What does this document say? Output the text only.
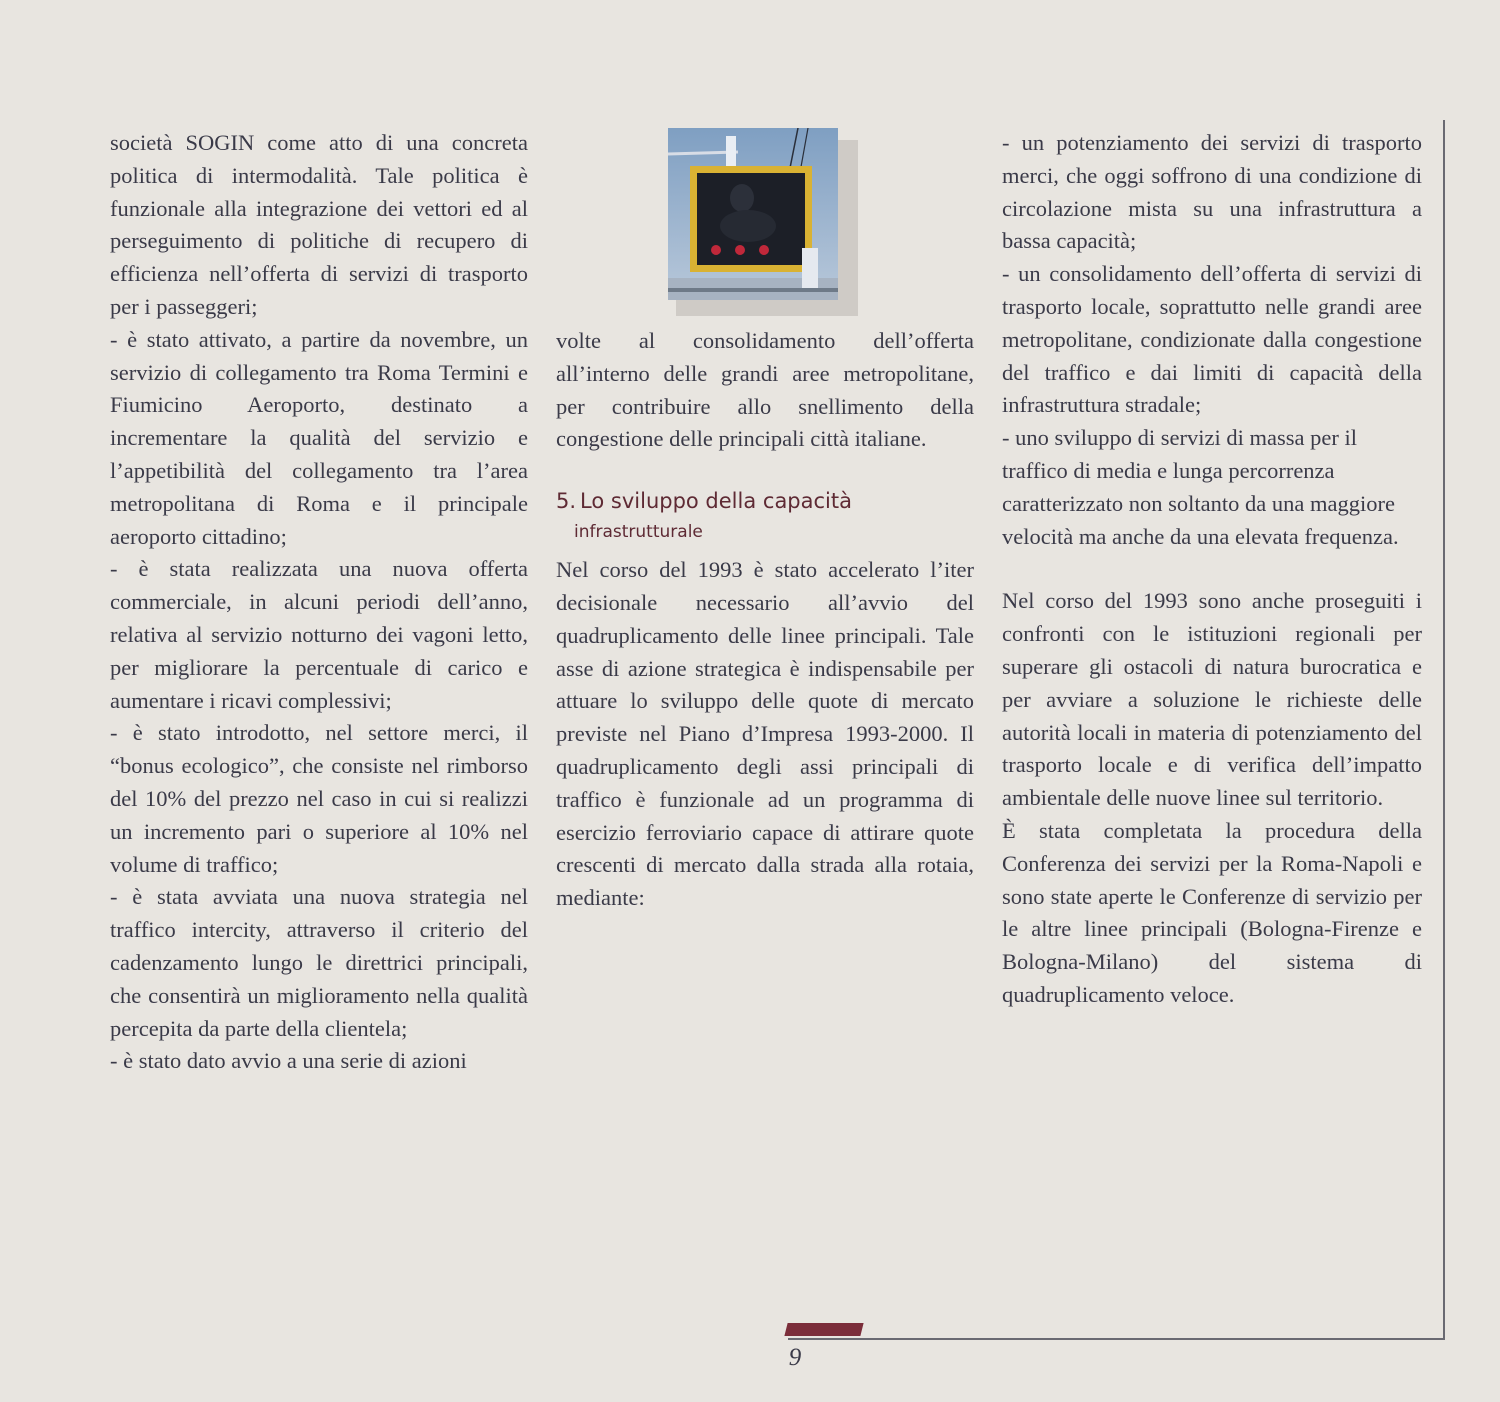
società SOGIN come atto di una concreta politica di intermodalità. Tale politica è funzionale alla integrazione dei vettori ed al perseguimento di politiche di recupero di efficienza nell’offerta di servizi di trasporto per i passeggeri;

- è stato attivato, a partire da novembre, un servizio di collegamento tra Roma Termini e Fiumicino Aeroporto, destinato a incrementare la qualità del servizio e l’appetibilità del collegamento tra l’area metropolitana di Roma e il principale aeroporto cittadino;

- è stata realizzata una nuova offerta commerciale, in alcuni periodi dell’anno, relativa al servizio notturno dei vagoni letto, per migliorare la percentuale di carico e aumentare i ricavi complessivi;

- è stato introdotto, nel settore merci, il “bonus ecologico”, che consiste nel rimborso del 10% del prezzo nel caso in cui si realizzi un incremento pari o superiore al 10% nel volume di traffico;

- è stata avviata una nuova strategia nel traffico intercity, attraverso il criterio del cadenzamento lungo le direttrici principali, che consentirà un miglioramento nella qualità percepita da parte della clientela;

- è stato dato avvio a una serie di azioni

volte al consolidamento dell’offerta all’interno delle grandi aree metropolitane, per contribuire allo snellimento della congestione delle principali città italiane.

5. Lo sviluppo della capacità
infrastrutturale

Nel corso del 1993 è stato accelerato l’iter decisionale necessario all’avvio del quadruplicamento delle linee principali. Tale asse di azione strategica è indispensabile per attuare lo sviluppo delle quote di mercato previste nel Piano d’Impresa 1993-2000. Il quadruplicamento degli assi principali di traffico è funzionale ad un programma di esercizio ferroviario capace di attirare quote crescenti di mercato dalla strada alla rotaia, mediante:

- un potenziamento dei servizi di trasporto merci, che oggi soffrono di una condizione di circolazione mista su una infrastruttura a bassa capacità;

- un consolidamento dell’offerta di servizi di trasporto locale, soprattutto nelle grandi aree metropolitane, condizionate dalla congestione del traffico e dai limiti di capacità della infrastruttura stradale;

- uno sviluppo di servizi di massa per il traffico di media e lunga percorrenza caratterizzato non soltanto da una maggiore velocità ma anche da una elevata frequenza.

Nel corso del 1993 sono anche proseguiti i confronti con le istituzioni regionali per superare gli ostacoli di natura burocratica e per avviare a soluzione le richieste delle autorità locali in materia di potenziamento del trasporto locale e di verifica dell’impatto ambientale delle nuove linee sul territorio.

È stata completata la procedura della Conferenza dei servizi per la Roma-Napoli e sono state aperte le Conferenze di servizio per le altre linee principali (Bologna-Firenze e Bologna-Milano) del sistema di quadruplicamento veloce.

9
